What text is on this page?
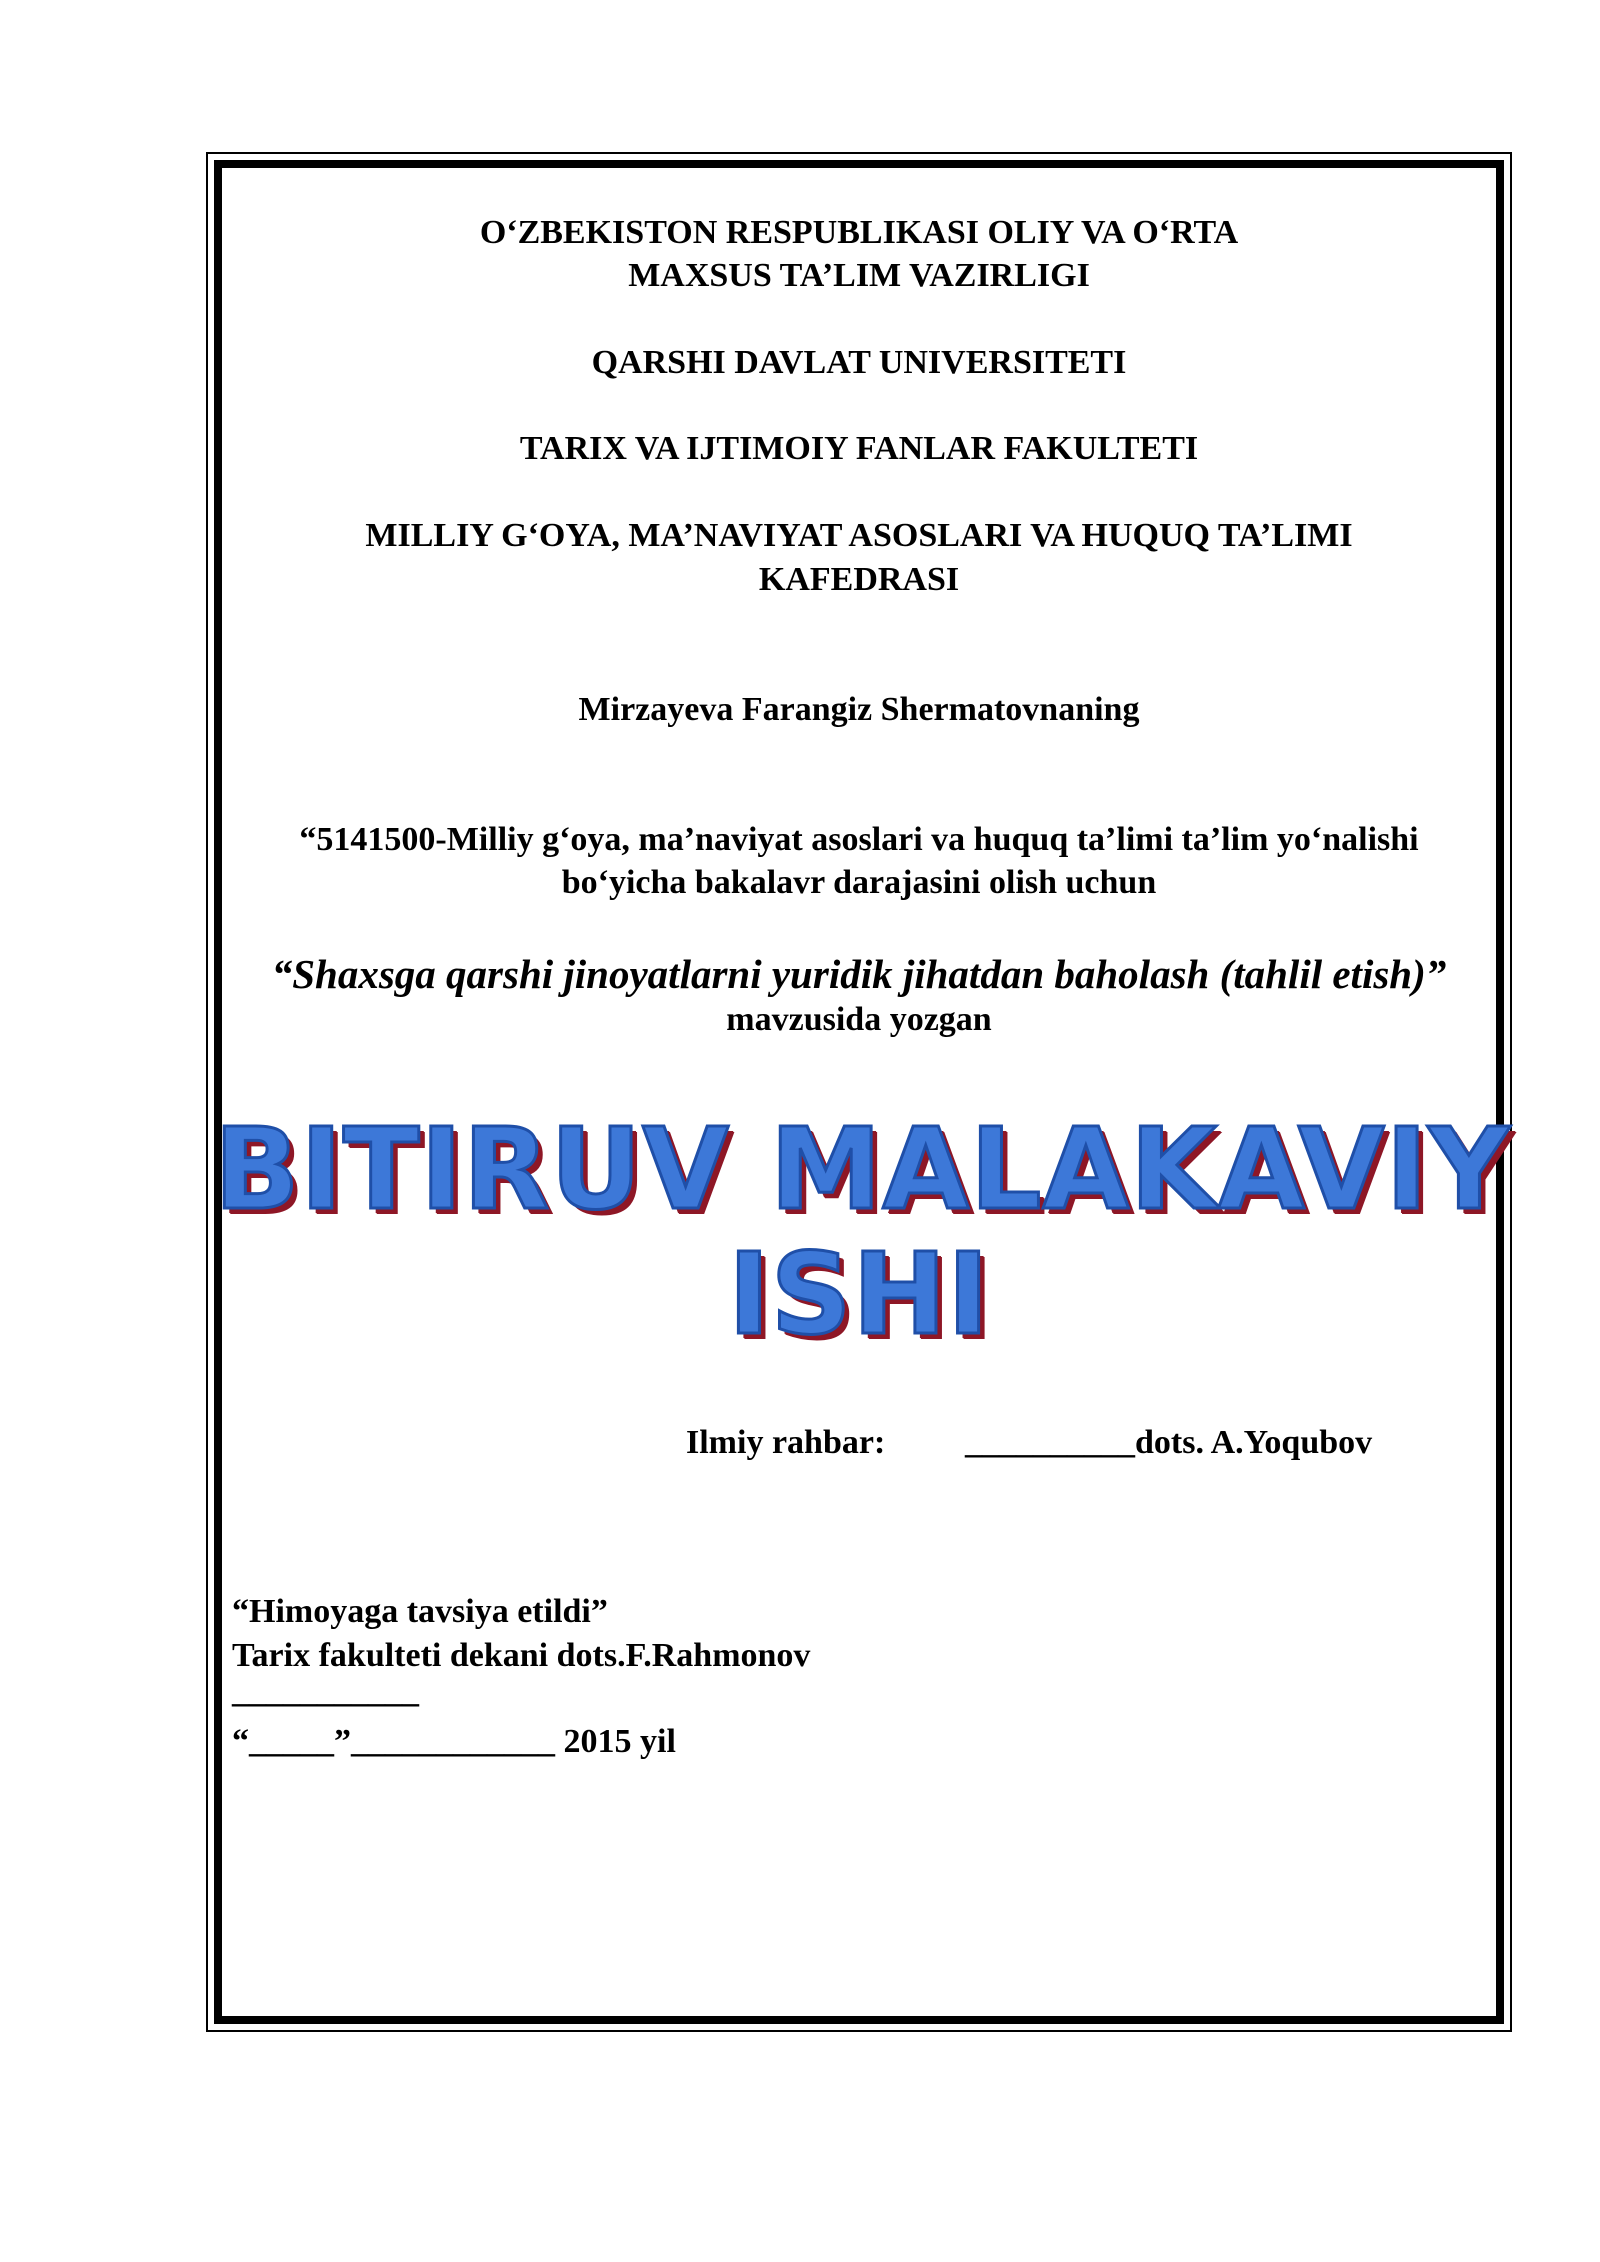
O‘ZBEKISTON RESPUBLIKASI OLIY VA O‘RTA
MAXSUS TA’LIM VAZIRLIGI
QARSHI DAVLAT UNIVERSITETI
TARIX VA IJTIMOIY FANLAR FAKULTETI
MILLIY G‘OYA, MA’NAVIYAT ASOSLARI VA HUQUQ TA’LIMI
KAFEDRASI
Mirzayeva Farangiz Shermatovnaning
“5141500-Milliy g‘oya, ma’naviyat asoslari va huquq ta’limi ta’lim yo‘nalishi
bo‘yicha bakalavr darajasini olish uchun
“Shaxsga qarshi jinoyatlarni yuridik jihatdan baholash (tahlil etish)”
mavzusida yozgan
BITIRUV MALAKAVIY
ISHI
Ilmiy rahbar: __________dots. A.Yoqubov
“Himoyaga tavsiya etildi”
Tarix fakulteti dekani dots.F.Rahmonov
___________
“_____”____________ 2015 yil
